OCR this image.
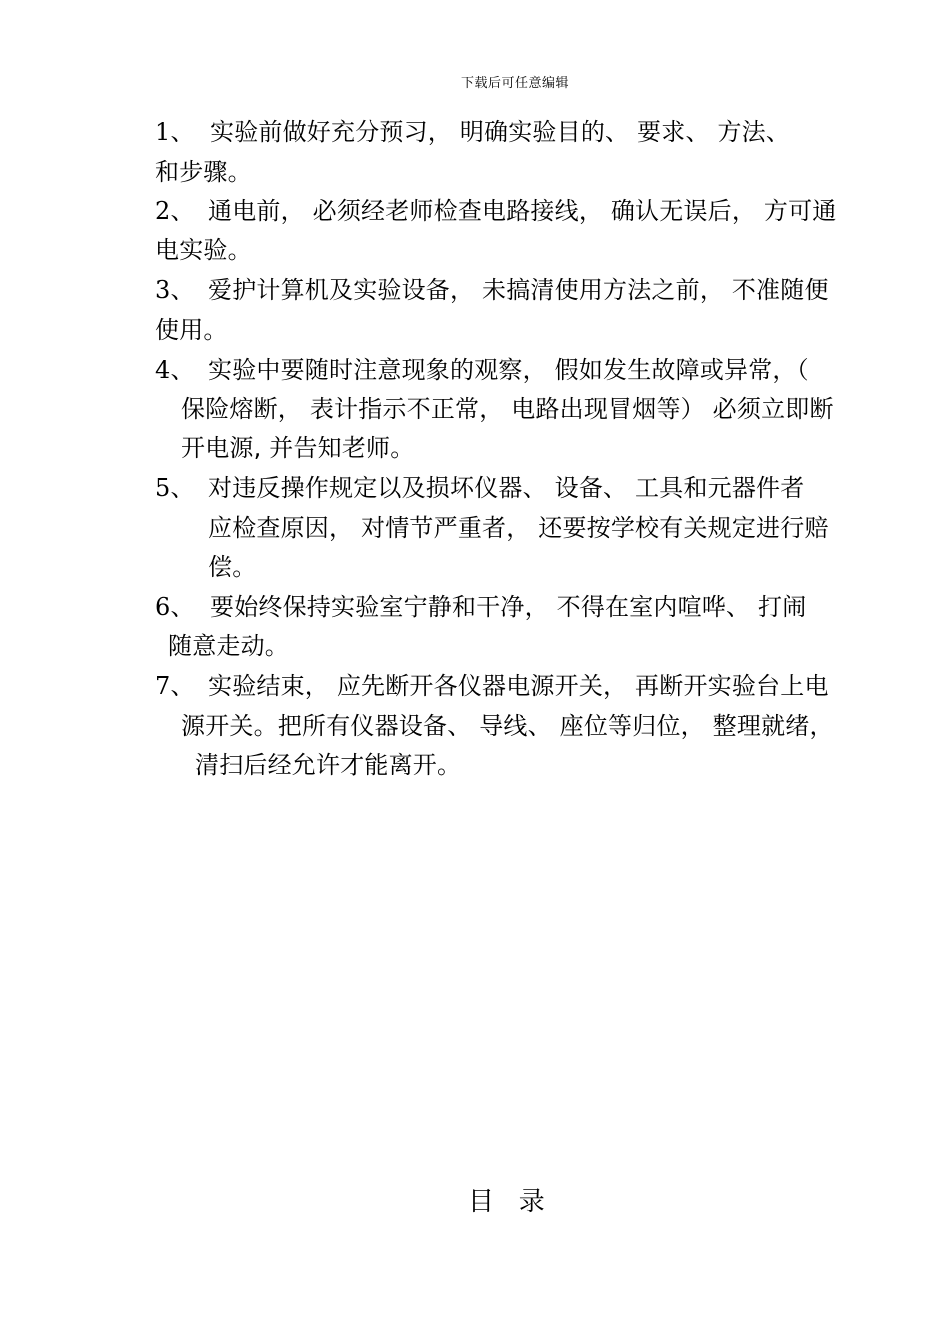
下载后可任意编辑
1、 实验前做好充分预习， 明确实验目的、 要求、 方法、
和步骤。
2、 通电前， 必须经老师检查电路接线， 确认无误后， 方可通
电实验。
3、 爱护计算机及实验设备， 未搞清使用方法之前， 不准随便
使用。
4、 实验中要随时注意现象的观察， 假如发生故障或异常，（
保险熔断， 表计指示不正常， 电路出现冒烟等） 必须立即断
开电源, 并告知老师。
5、 对违反操作规定以及损坏仪器、 设备、 工具和元器件者
应检查原因， 对情节严重者， 还要按学校有关规定进行赔
偿。
6、 要始终保持实验室宁静和干净， 不得在室内喧哗、 打闹
随意走动。
7、 实验结束， 应先断开各仪器电源开关， 再断开实验台上电
源开关。把所有仪器设备、 导线、 座位等归位， 整理就绪，
清扫后经允许才能离开。
目   录
